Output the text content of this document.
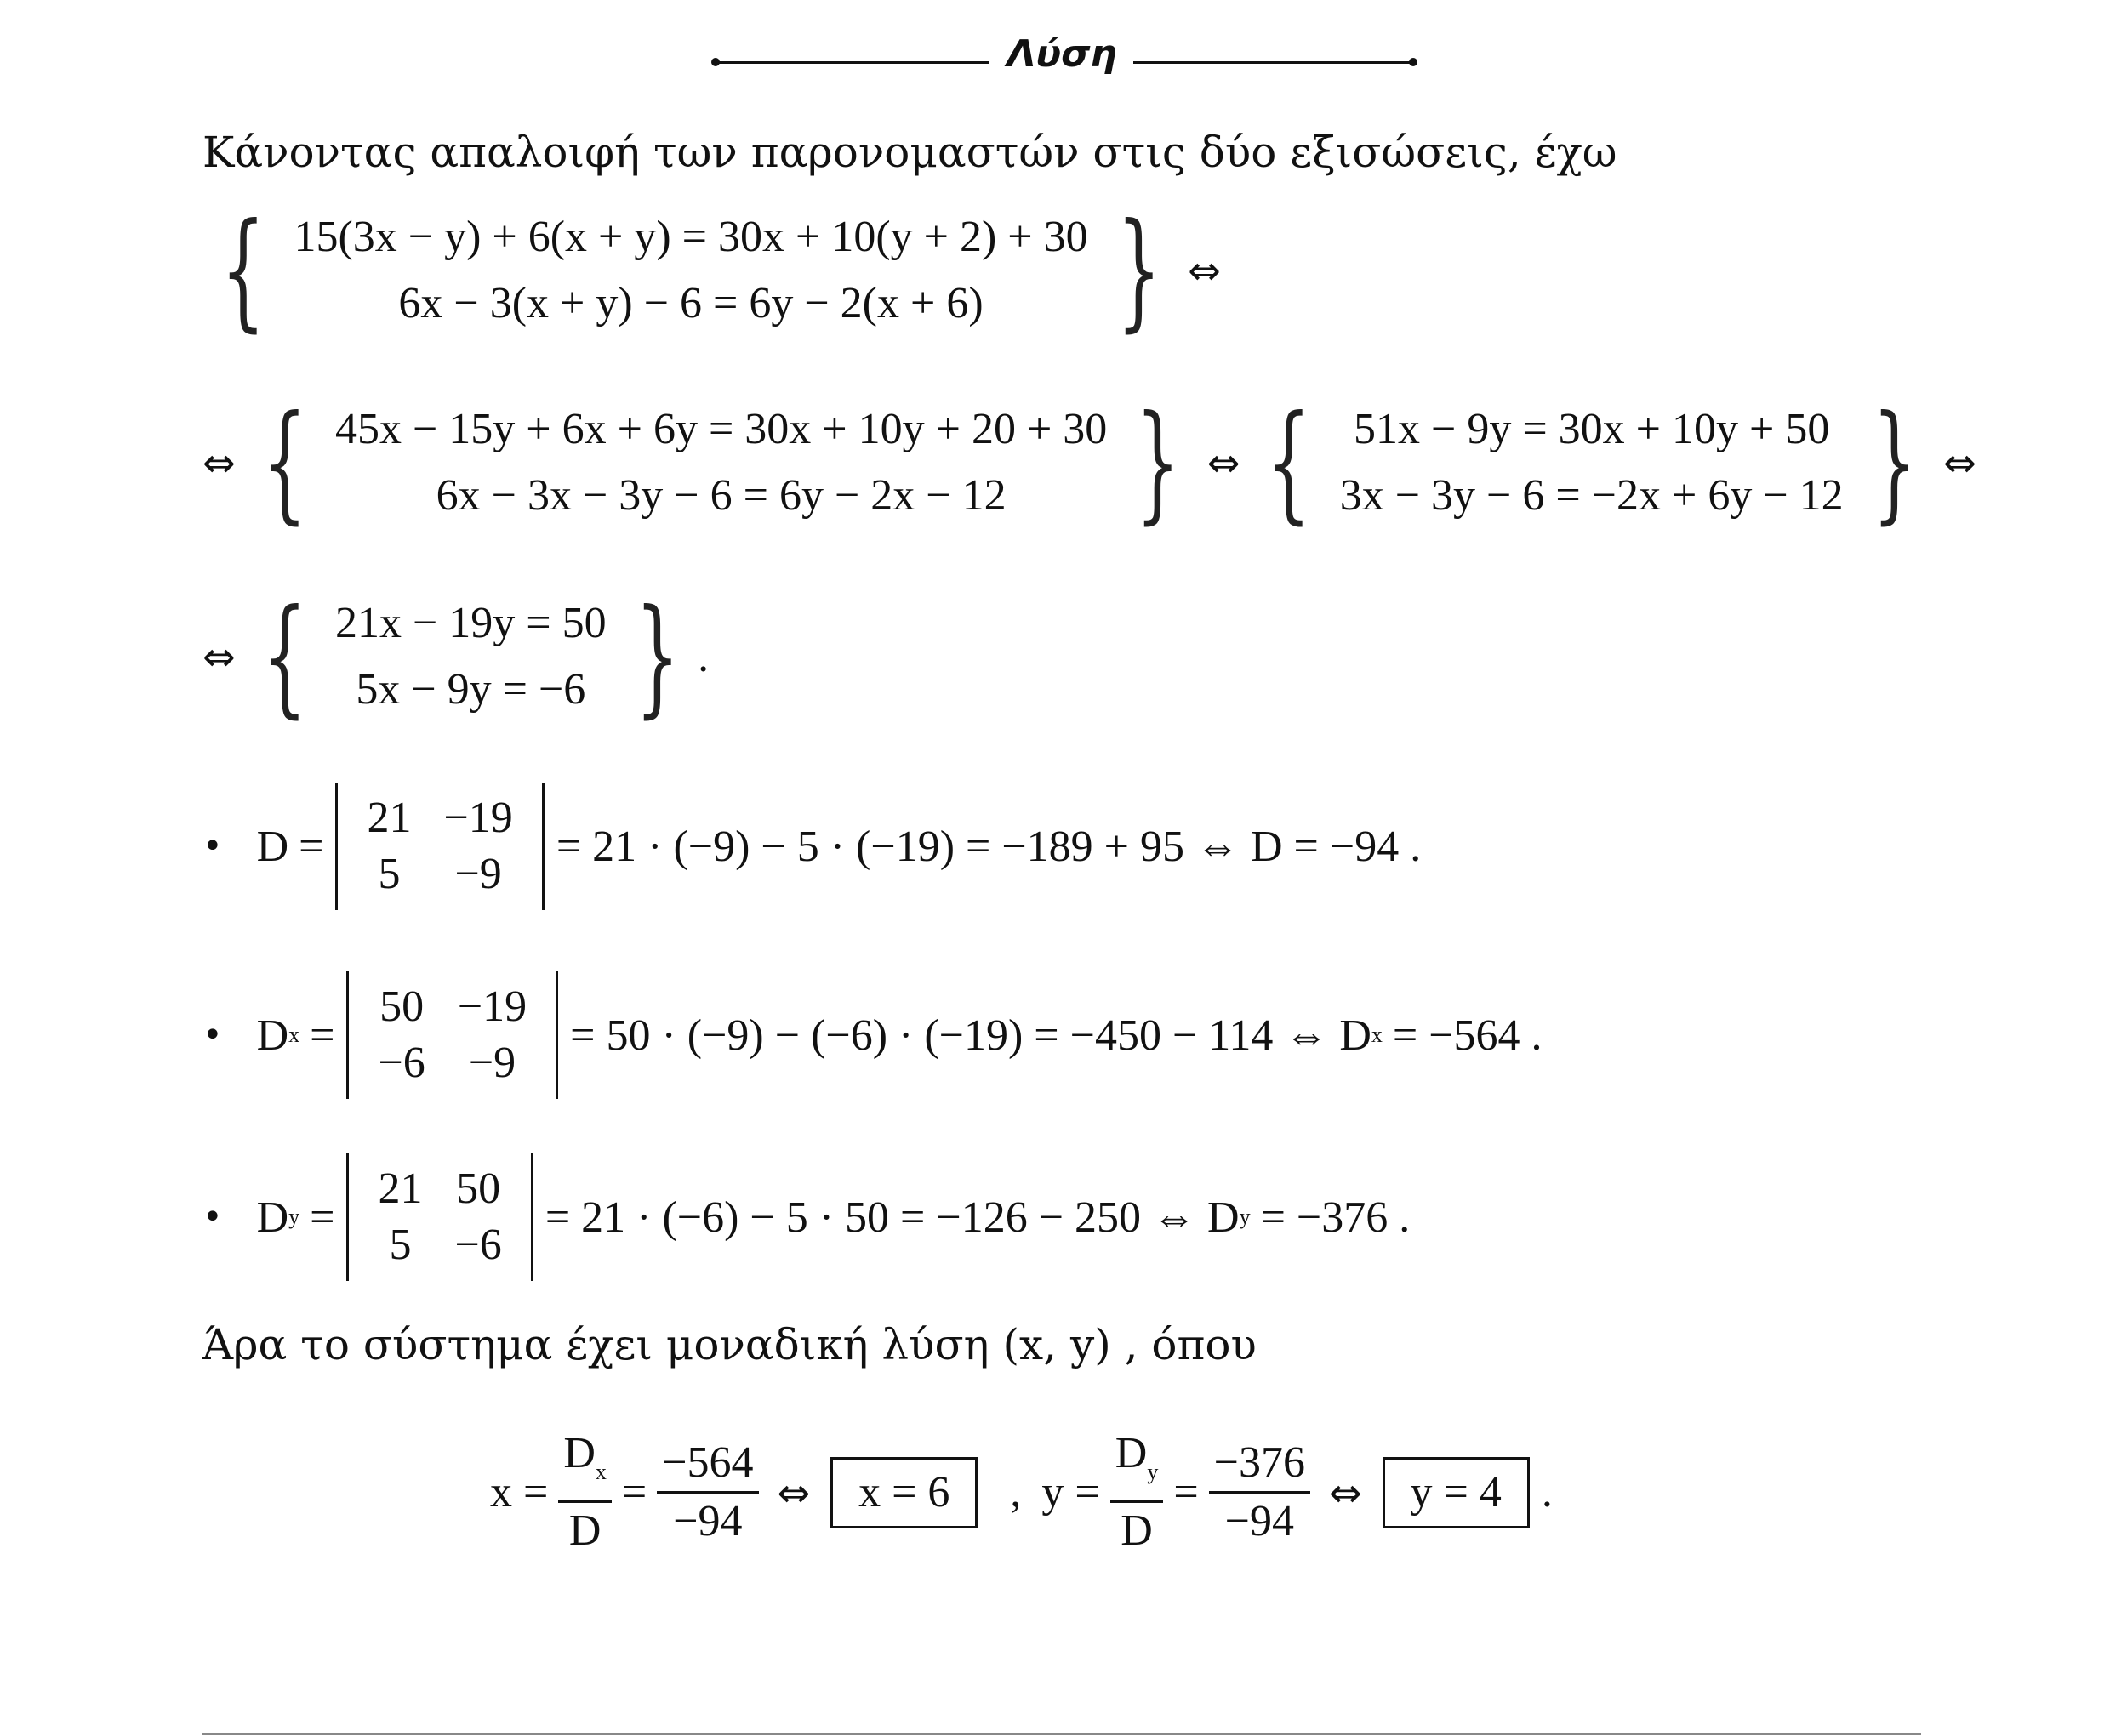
Λύση
Κάνοντας απαλοιφή των παρονομαστών στις δύο εξισώσεις, έχω
{ 15(3x − y) + 6(x + y) = 30x + 10(y + 2) + 30
6x − 3(x + y) − 6 = 6y − 2(x + 6) } ⇔
⇔ { 45x − 15y + 6x + 6y = 30x + 10y + 20 + 30
6x − 3x − 3y − 6 = 6y − 2x − 12 } ⇔ { 51x − 9y = 30x + 10y + 50
3x − 3y − 6 = −2x + 6y − 12 } ⇔
⇔ { 21x − 19y = 50
5x − 9y = −6 } .
• D =
21 −19
5 −9
= 21 · (−9) − 5 · (−19) = −189 + 95 ⇔ D = −94 .
• D x =
50 −19
−6 −9
= 50 · (−9) − (−6) · (−19) = −450 − 114 ⇔ D x = −564 .
• D y =
21 50
5 −6
= 21 · (−6) − 5 · 50 = −126 − 250 ⇔ D y = −376 .
Άρα το σύστημα έχει μοναδική λύση (x, y) , όπου
$x = \frac{D_x}{D} = \frac{-564}{-94}$ ⇔	x = 6	, $y = \frac{D_y}{D} = \frac{-376}{-94}$ ⇔	y = 4 .
